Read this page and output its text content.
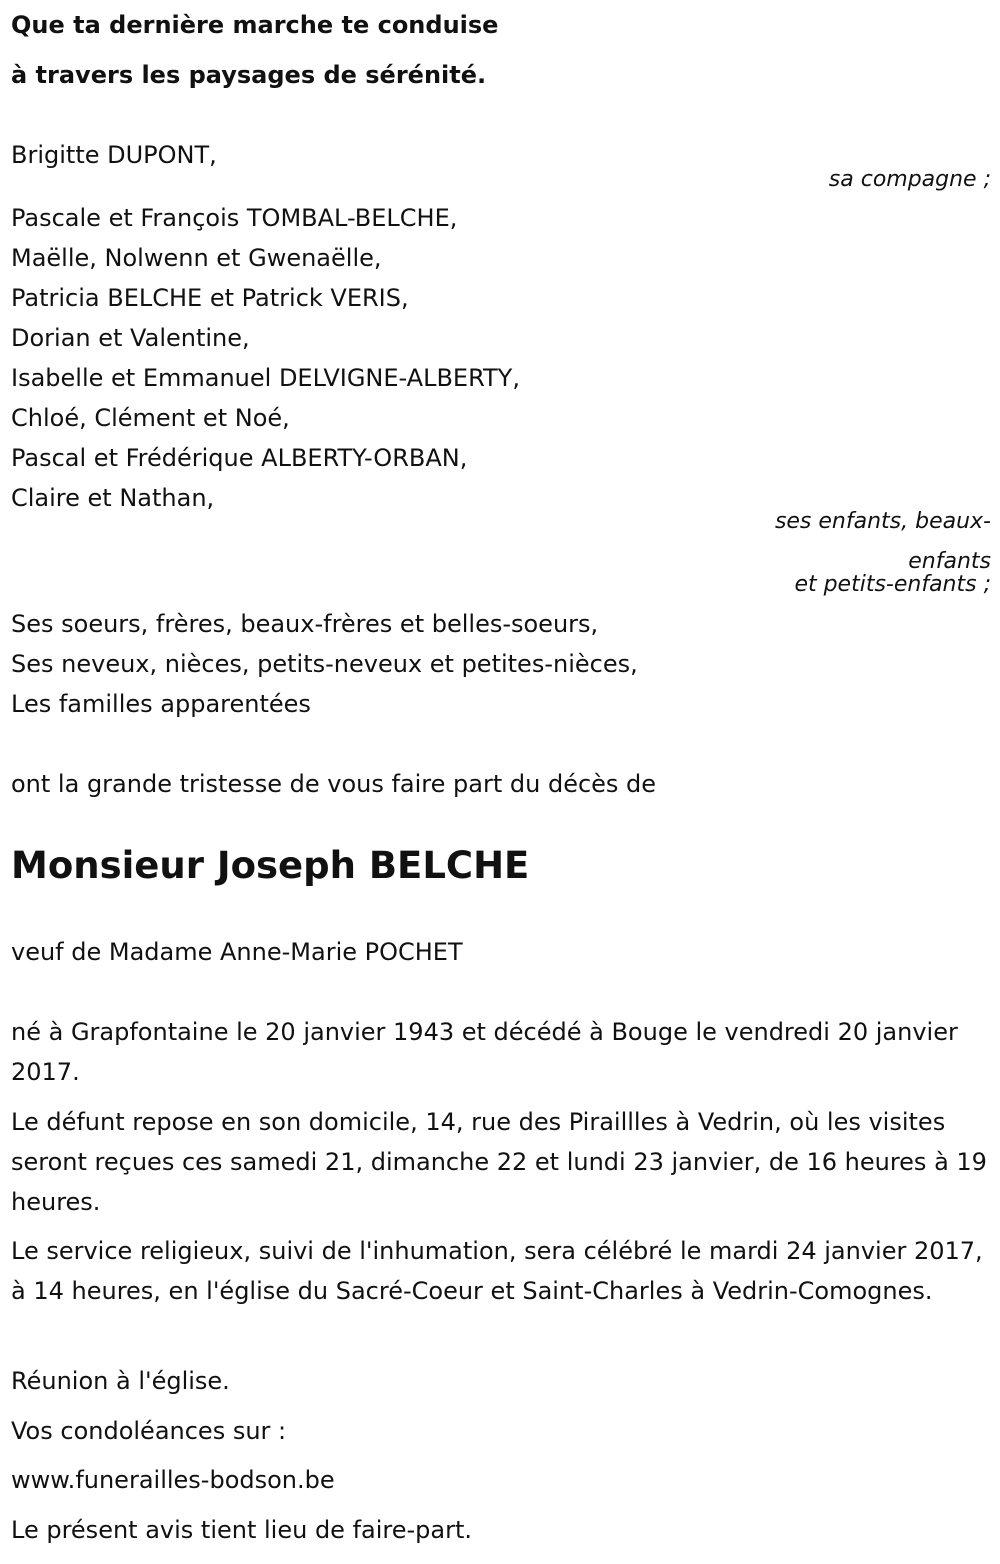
Que ta dernière marche te conduise
à travers les paysages de sérénité.
Brigitte DUPONT,
sa compagne ;
Pascale et François TOMBAL-BELCHE,
Maëlle, Nolwenn et Gwenaëlle,
Patricia BELCHE et Patrick VERIS,
Dorian et Valentine,
Isabelle et Emmanuel DELVIGNE-ALBERTY,
Chloé, Clément et Noé,
Pascal et Frédérique ALBERTY-ORBAN,
Claire et Nathan,
ses enfants, beaux-
enfants
et petits-enfants ;
Ses soeurs, frères, beaux-frères et belles-soeurs,
Ses neveux, nièces, petits-neveux et petites-nièces,
Les familles apparentées
ont la grande tristesse de vous faire part du décès de
Monsieur Joseph BELCHE
veuf de Madame Anne-Marie POCHET
né à Grapfontaine le 20 janvier 1943 et décédé à Bouge le vendredi 20 janvier 2017.
Le défunt repose en son domicile, 14, rue des Piraillles à Vedrin, où les visites seront reçues ces samedi 21, dimanche 22 et lundi 23 janvier, de 16 heures à 19 heures.
Le service religieux, suivi de l'inhumation, sera célébré le mardi 24 janvier 2017, à 14 heures, en l'église du Sacré-Coeur et Saint-Charles à Vedrin-Comognes.
Réunion à l'église.
Vos condoléances sur :
www.funerailles-bodson.be
Le présent avis tient lieu de faire-part.
